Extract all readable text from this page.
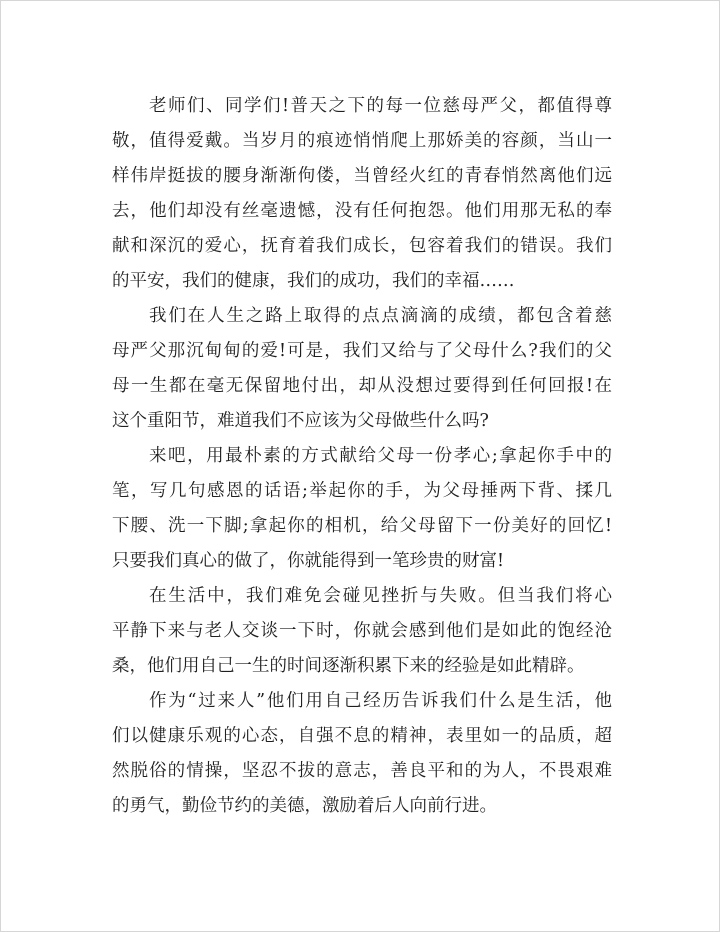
老师们、同学们!普天之下的每一位慈母严父，都值得尊
敬，值得爱戴。当岁月的痕迹悄悄爬上那娇美的容颜，当山一
样伟岸挺拔的腰身渐渐佝偻，当曾经火红的青春悄然离他们远
去，他们却没有丝毫遗憾，没有任何抱怨。他们用那无私的奉
献和深沉的爱心，抚育着我们成长，包容着我们的错误。我们
的平安，我们的健康，我们的成功，我们的幸福……
我们在人生之路上取得的点点滴滴的成绩，都包含着慈
母严父那沉甸甸的爱!可是，我们又给与了父母什么?我们的父
母一生都在毫无保留地付出，却从没想过要得到任何回报!在
这个重阳节，难道我们不应该为父母做些什么吗?
来吧，用最朴素的方式献给父母一份孝心;拿起你手中的
笔，写几句感恩的话语;举起你的手，为父母捶两下背、揉几
下腰、洗一下脚;拿起你的相机，给父母留下一份美好的回忆!
只要我们真心的做了，你就能得到一笔珍贵的财富!
在生活中，我们难免会碰见挫折与失败。但当我们将心
平静下来与老人交谈一下时，你就会感到他们是如此的饱经沧
桑，他们用自己一生的时间逐渐积累下来的经验是如此精辟。
作为“过来人”他们用自己经历告诉我们什么是生活，他
们以健康乐观的心态，自强不息的精神，表里如一的品质，超
然脱俗的情操，坚忍不拔的意志，善良平和的为人，不畏艰难
的勇气，勤俭节约的美德，激励着后人向前行进。
